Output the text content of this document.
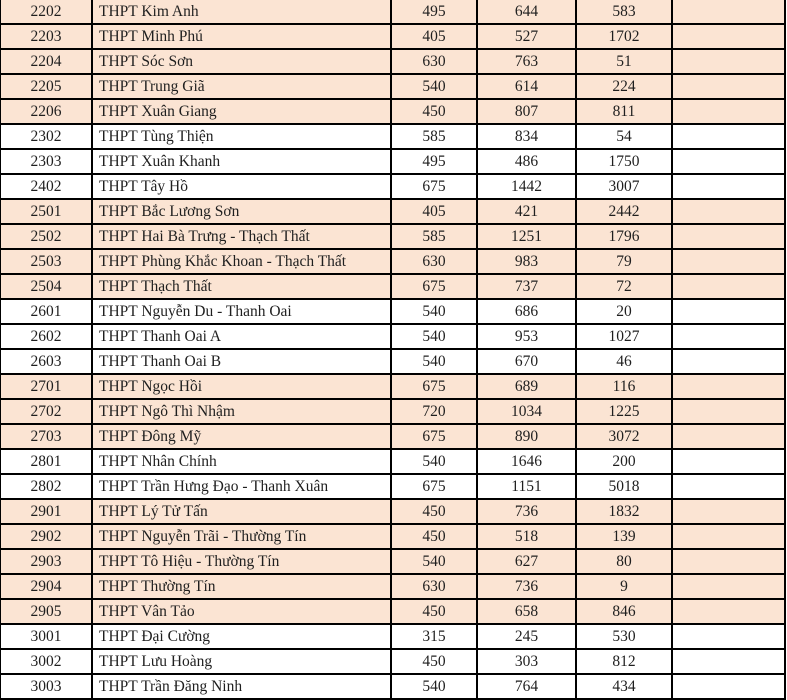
2202	THPT Kim Anh	495	644	583	
2203	THPT Minh Phú	405	527	1702	
2204	THPT Sóc Sơn	630	763	51	
2205	THPT Trung Giã	540	614	224	
2206	THPT Xuân Giang	450	807	811	
2302	THPT Tùng Thiện	585	834	54	
2303	THPT Xuân Khanh	495	486	1750	
2402	THPT Tây Hồ	675	1442	3007	
2501	THPT Bắc Lương Sơn	405	421	2442	
2502	THPT Hai Bà Trưng - Thạch Thất	585	1251	1796	
2503	THPT Phùng Khắc Khoan - Thạch Thất	630	983	79	
2504	THPT Thạch Thất	675	737	72	
2601	THPT Nguyễn Du - Thanh Oai	540	686	20	
2602	THPT Thanh Oai A	540	953	1027	
2603	THPT Thanh Oai B	540	670	46	
2701	THPT Ngọc Hồi	675	689	116	
2702	THPT Ngô Thì Nhậm	720	1034	1225	
2703	THPT Đông Mỹ	675	890	3072	
2801	THPT Nhân Chính	540	1646	200	
2802	THPT Trần Hưng Đạo - Thanh Xuân	675	1151	5018	
2901	THPT Lý Tử Tấn	450	736	1832	
2902	THPT Nguyễn Trãi - Thường Tín	450	518	139	
2903	THPT Tô Hiệu - Thường Tín	540	627	80	
2904	THPT Thường Tín	630	736	9	
2905	THPT Vân Tảo	450	658	846	
3001	THPT Đại Cường	315	245	530	
3002	THPT Lưu Hoàng	450	303	812	
3003	THPT Trần Đăng Ninh	540	764	434	
